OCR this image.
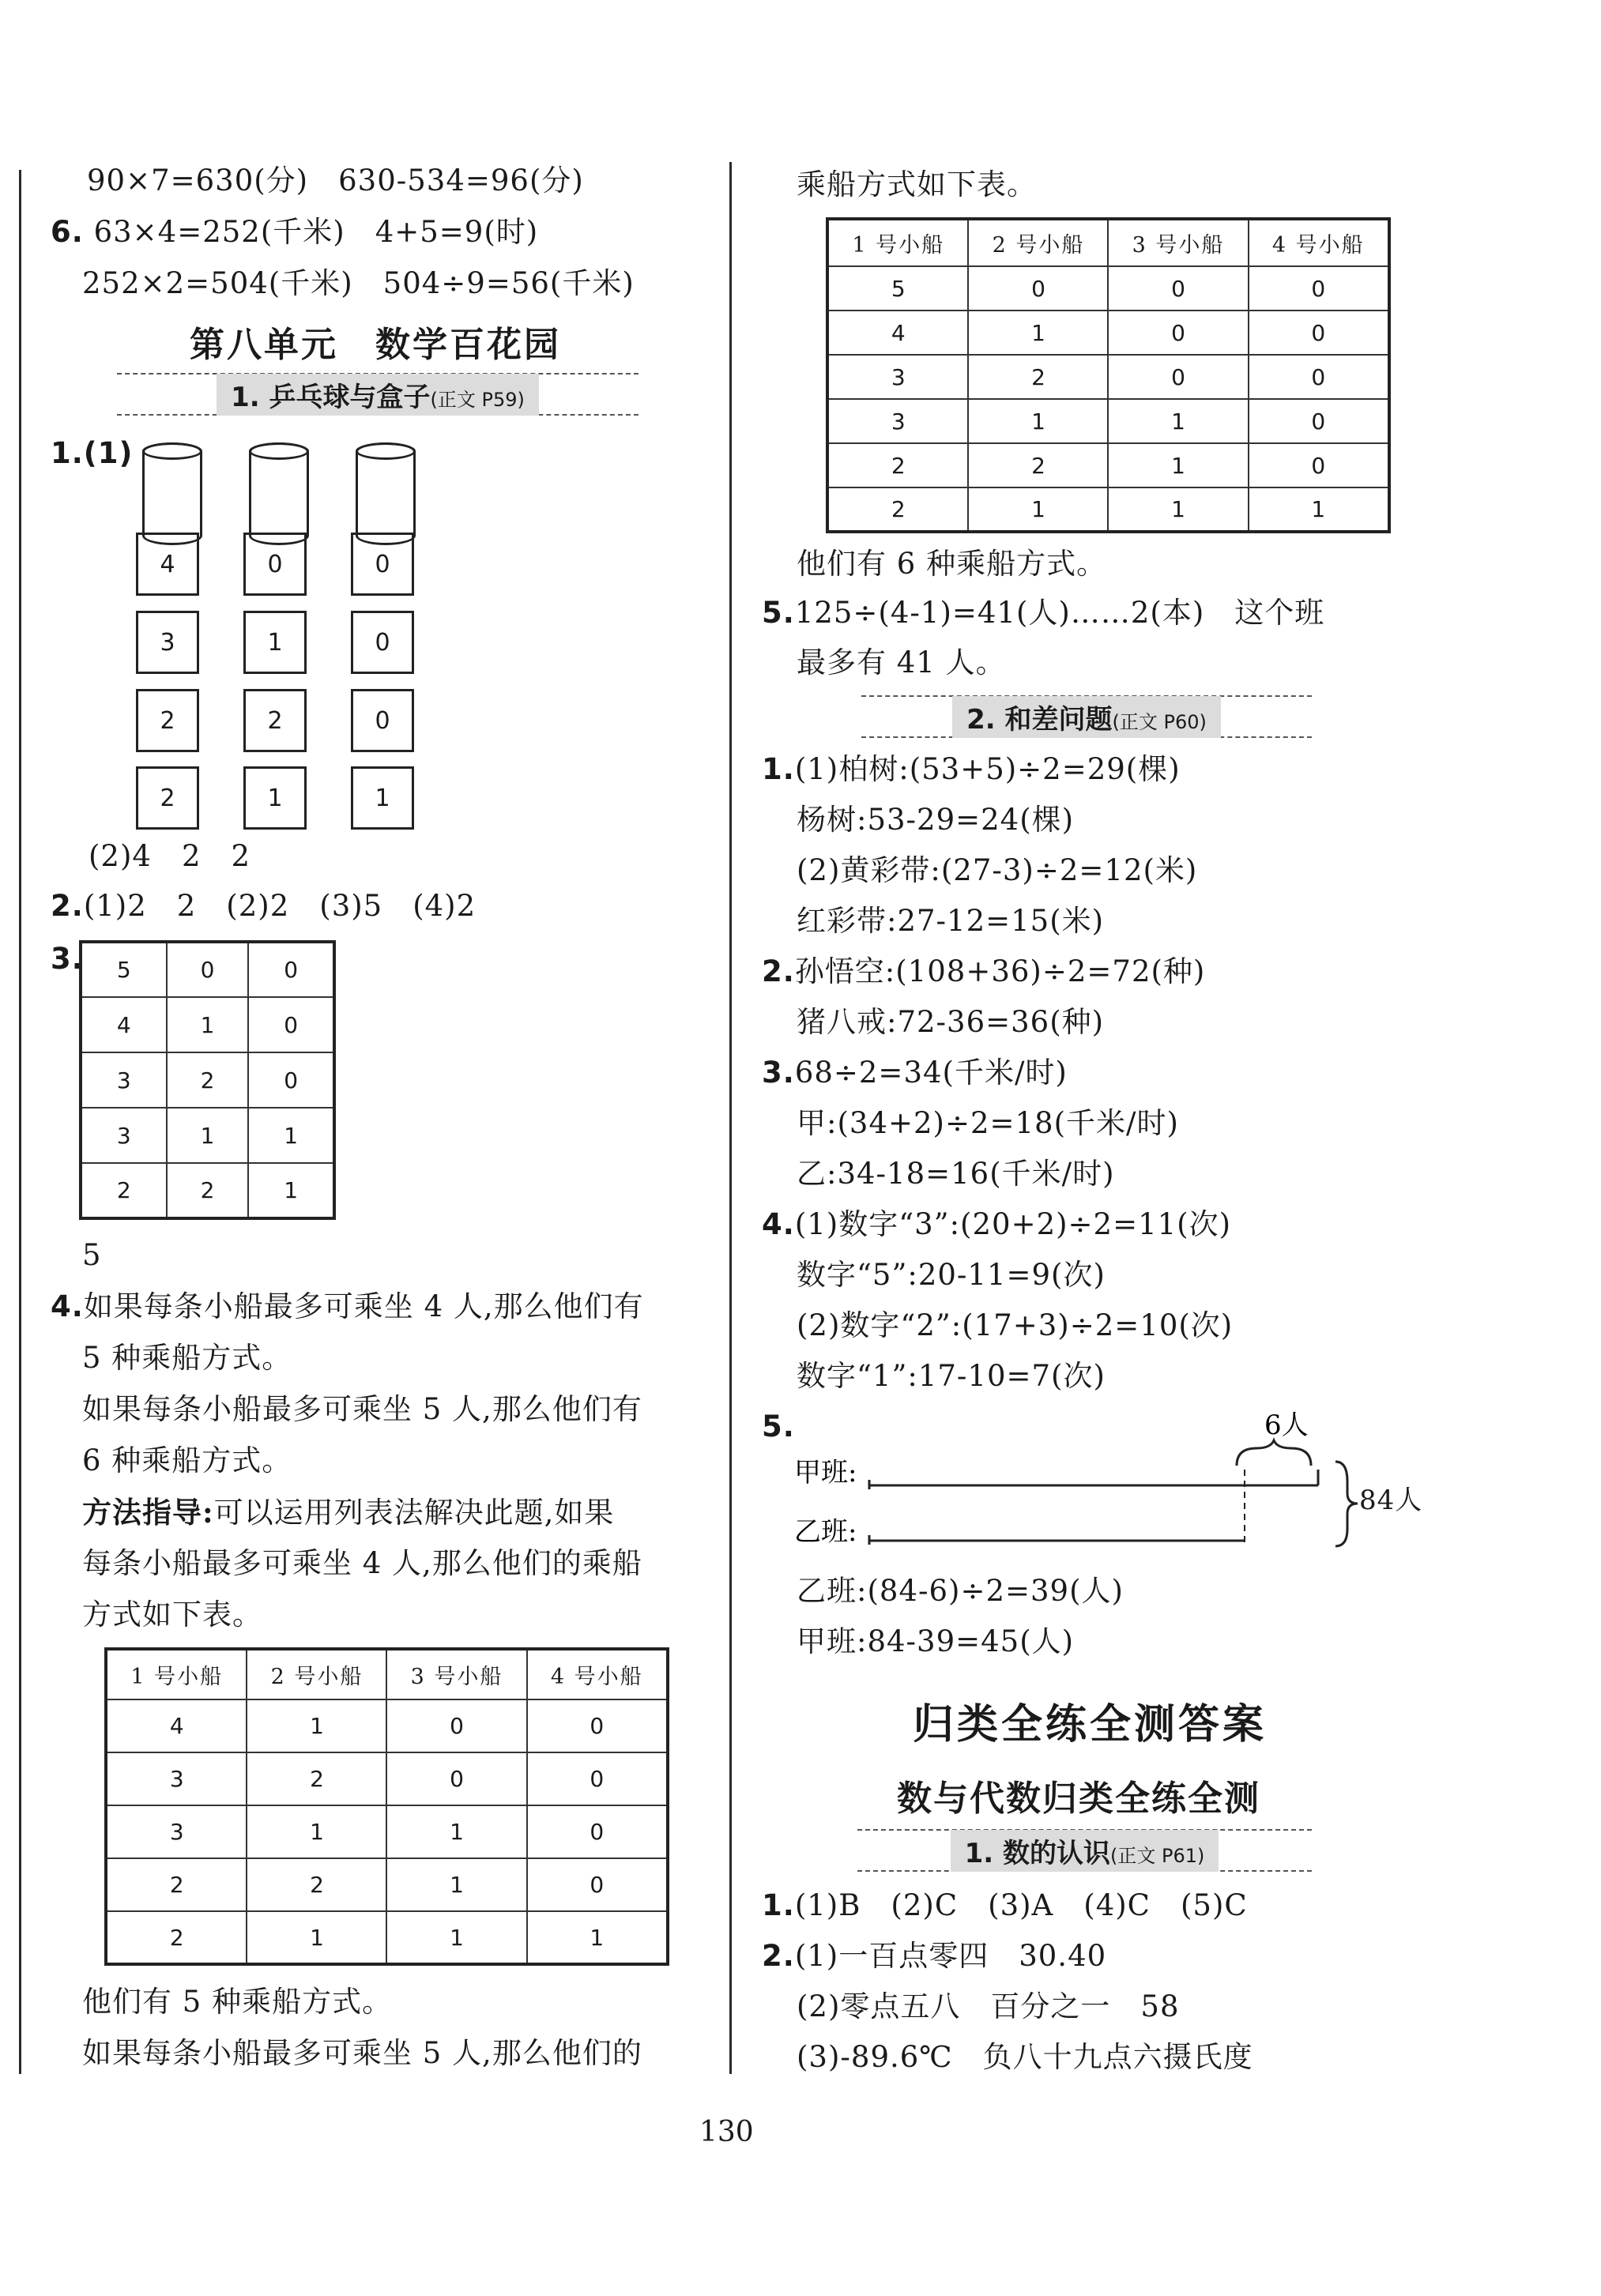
90×7=630(分)　630-534=96(分)
6. 63×4=252(千米)　4+5=9(时)
252×2=504(千米)　504÷9=56(千米)
第八单元　数学百花园
1. 乒乓球与盒子(正文 P59)
1.(1)
4	0	0
3	1	0
2	2	0
2	1	1
(2)4　2　2
2.(1)2　2　(2)2　(3)5　(4)2
3. 5	0	0
4	1	0
3	2	0
3	1	1
2	2	1
5
4.如果每条小船最多可乘坐 4 人,那么他们有
5 种乘船方式。
如果每条小船最多可乘坐 5 人,那么他们有
6 种乘船方式。
方法指导:可以运用列表法解决此题,如果
每条小船最多可乘坐 4 人,那么他们的乘船
方式如下表。
1 号小船	2 号小船	3 号小船	4 号小船
4	1	0	0
3	2	0	0
3	1	1	0
2	2	1	0
2	1	1	1
他们有 5 种乘船方式。
如果每条小船最多可乘坐 5 人,那么他们的
乘船方式如下表。
1 号小船	2 号小船	3 号小船	4 号小船
5	0	0	0
4	1	0	0
3	2	0	0
3	1	1	0
2	2	1	0
2	1	1	1
他们有 6 种乘船方式。
5.125÷(4-1)=41(人)……2(本)　这个班
最多有 41 人。
2. 和差问题(正文 P60)
1.(1)柏树:(53+5)÷2=29(棵)
杨树:53-29=24(棵)
(2)黄彩带:(27-3)÷2=12(米)
红彩带:27-12=15(米)
2.孙悟空:(108+36)÷2=72(种)
猪八戒:72-36=36(种)
3.68÷2=34(千米/时)
甲:(34+2)÷2=18(千米/时)
乙:34-18=16(千米/时)
4.(1)数字“3”:(20+2)÷2=11(次)
数字“5”:20-11=9(次)
(2)数字“2”:(17+3)÷2=10(次)
数字“1”:17-10=7(次)
5.	6人
甲班:
乙班:
84人
乙班:(84-6)÷2=39(人)
甲班:84-39=45(人)
归类全练全测答案
数与代数归类全练全测
1. 数的认识(正文 P61)
1.(1)B　(2)C　(3)A　(4)C　(5)C
2.(1)一百点零四　30.40
(2)零点五八　百分之一　58
(3)-89.6℃　负八十九点六摄氏度
130
